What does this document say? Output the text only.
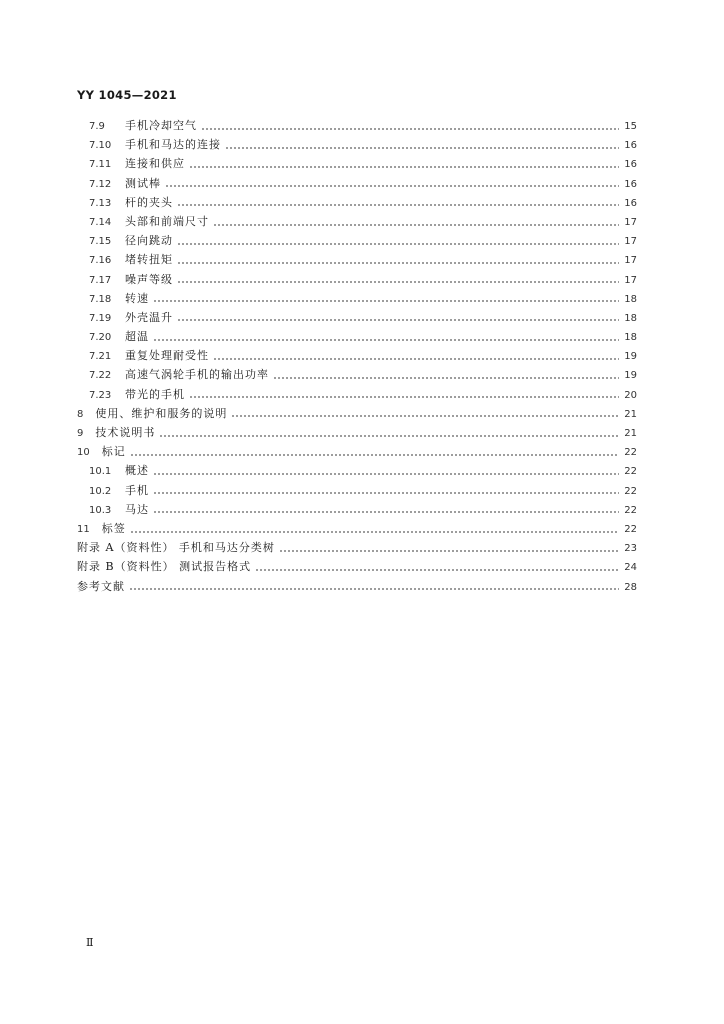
YY 1045—2021
7.9	手机冷却空气	15
7.10	手机和马达的连接	16
7.11	连接和供应	16
7.12	测试棒	16
7.13	杆的夹头	16
7.14	头部和前端尺寸	17
7.15	径向跳动	17
7.16	堵转扭矩	17
7.17	噪声等级	17
7.18	转速	18
7.19	外壳温升	18
7.20	超温	18
7.21	重复处理耐受性	19
7.22	高速气涡轮手机的输出功率	19
7.23	带光的手机	20
8 使用、维护和服务的说明	21
9 技术说明书	21
10 标记	22
10.1	概述	22
10.2	手机	22
10.3	马达	22
11 标签	22
附录 A（资料性） 手机和马达分类树	23
附录 B（资料性） 测试报告格式	24
参考文献	28
Ⅱ
